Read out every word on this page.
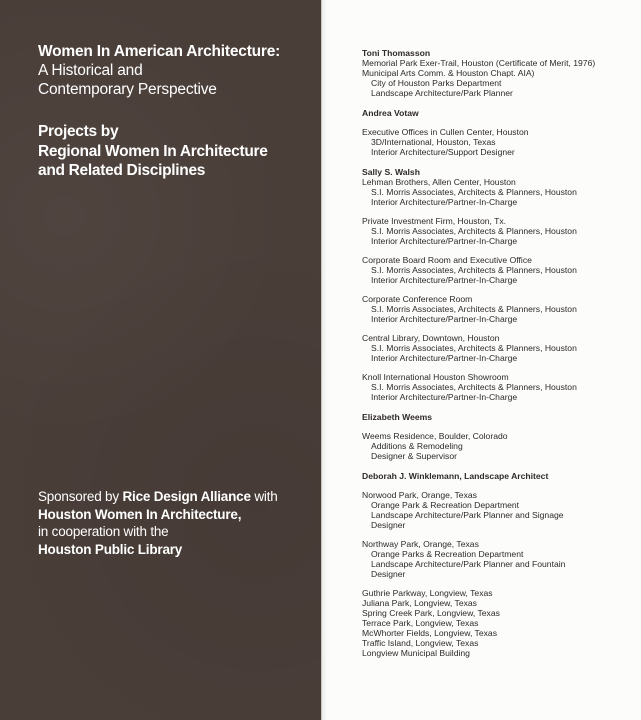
Women In American Architecture:
A Historical and
Contemporary Perspective
Projects by
Regional Women In Architecture
and Related Disciplines
Sponsored by Rice Design Alliance with
Houston Women In Architecture,
in cooperation with the
Houston Public Library
Toni Thomasson
Memorial Park Exer-Trail, Houston (Certificate of Merit, 1976)
Municipal Arts Comm. & Houston Chapt. AIA)
City of Houston Parks Department
Landscape Architecture/Park Planner
Andrea Votaw
Executive Offices in Cullen Center, Houston
3D/International, Houston, Texas
Interior Architecture/Support Designer
Sally S. Walsh
Lehman Brothers, Allen Center, Houston
S.I. Morris Associates, Architects & Planners, Houston
Interior Architecture/Partner-In-Charge
Private Investment Firm, Houston, Tx.
S.I. Morris Associates, Architects & Planners, Houston
Interior Architecture/Partner-In-Charge
Corporate Board Room and Executive Office
S.I. Morris Associates, Architects & Planners, Houston
Interior Architecture/Partner-In-Charge
Corporate Conference Room
S.I. Morris Associates, Architects & Planners, Houston
Interior Architecture/Partner-In-Charge
Central Library, Downtown, Houston
S.I. Morris Associates, Architects & Planners, Houston
Interior Architecture/Partner-In-Charge
Knoll International Houston Showroom
S.I. Morris Associates, Architects & Planners, Houston
Interior Architecture/Partner-In-Charge
Elizabeth Weems
Weems Residence, Boulder, Colorado
Additions & Remodeling
Designer & Supervisor
Deborah J. Winklemann, Landscape Architect
Norwood Park, Orange, Texas
Orange Park & Recreation Department
Landscape Architecture/Park Planner and Signage
Designer
Northway Park, Orange, Texas
Orange Parks & Recreation Department
Landscape Architecture/Park Planner and Fountain
Designer
Guthrie Parkway, Longview, Texas
Juliana Park, Longview, Texas
Spring Creek Park, Longview, Texas
Terrace Park, Longview, Texas
McWhorter Fields, Longview, Texas
Traffic Island, Longview, Texas
Longview Municipal Building
